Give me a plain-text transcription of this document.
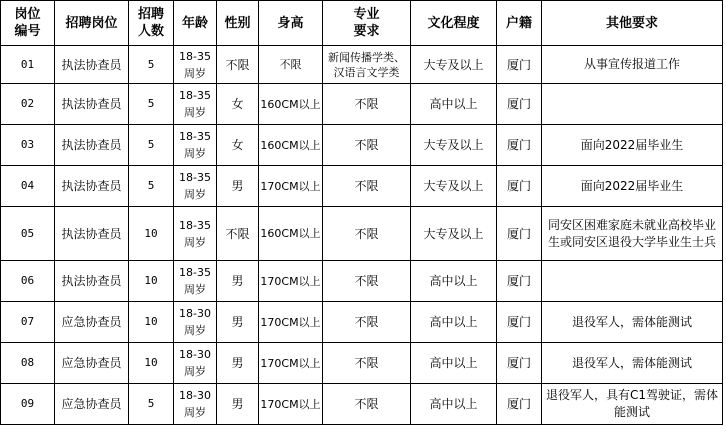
岗位编号	招聘岗位	招聘人数	年龄	性别	身高	专业要求	文化程度	户籍	其他要求
01	执法协查员	5	18-35周岁	不限	不限	新闻传播学类、汉语言文学类	大专及以上	厦门	从事宣传报道工作
02	执法协查员	5	18-35周岁	女	160CM以上	不限	高中以上	厦门	
03	执法协查员	5	18-35周岁	女	160CM以上	不限	大专及以上	厦门	面向2022届毕业生
04	执法协查员	5	18-35周岁	男	170CM以上	不限	大专及以上	厦门	面向2022届毕业生
05	执法协查员	10	18-35周岁	不限	160CM以上	不限	大专及以上	厦门	同安区困难家庭未就业高校毕业生或同安区退役大学毕业生士兵
06	执法协查员	10	18-35周岁	男	170CM以上	不限	高中以上	厦门	
07	应急协查员	10	18-30周岁	男	170CM以上	不限	高中以上	厦门	退役军人，需体能测试
08	应急协查员	10	18-30周岁	男	170CM以上	不限	高中以上	厦门	退役军人，需体能测试
09	应急协查员	5	18-30周岁	男	170CM以上	不限	高中以上	厦门	退役军人，具有C1驾驶证，需体能测试
